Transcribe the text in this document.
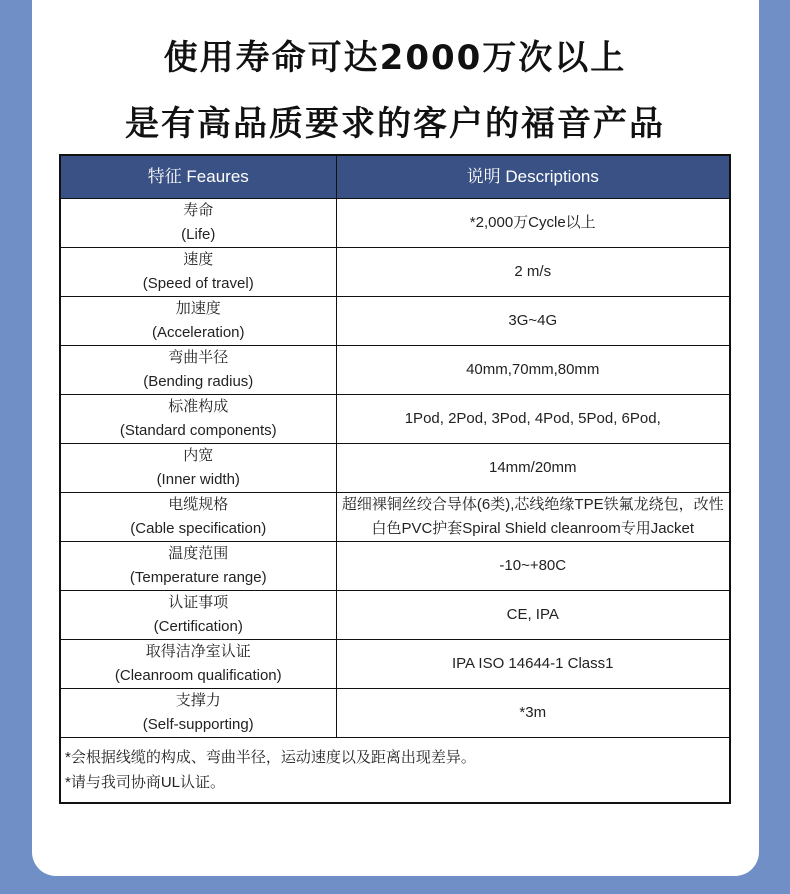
使用寿命可达2000万次以上
是有高品质要求的客户的福音产品
特征 Feaures	说明 Descriptions

寿命
(Life)	*2,000万Cycle以上

速度
(Speed of travel)	2 m/s

加速度
(Acceleration)	3G~4G

弯曲半径
(Bending radius)	40mm,70mm,80mm

标准构成
(Standard components)	1Pod, 2Pod, 3Pod, 4Pod, 5Pod, 6Pod,

内宽
(Inner width)	14mm/20mm

电缆规格
(Cable specification)	超细裸铜丝绞合导体(6类),芯线绝缘TPE铁氟龙绕包，改性白色PVC护套Spiral Shield cleanroom专用Jacket

温度范围
(Temperature range)	-10~+80C

认证事项
(Certification)	CE, IPA

取得洁净室认证
(Cleanroom qualification)	IPA ISO 14644-1 Class1

支撑力
(Self-supporting)	*3m

*会根据线缆的构成、弯曲半径，运动速度以及距离出现差异。
*请与我司协商UL认证。	
